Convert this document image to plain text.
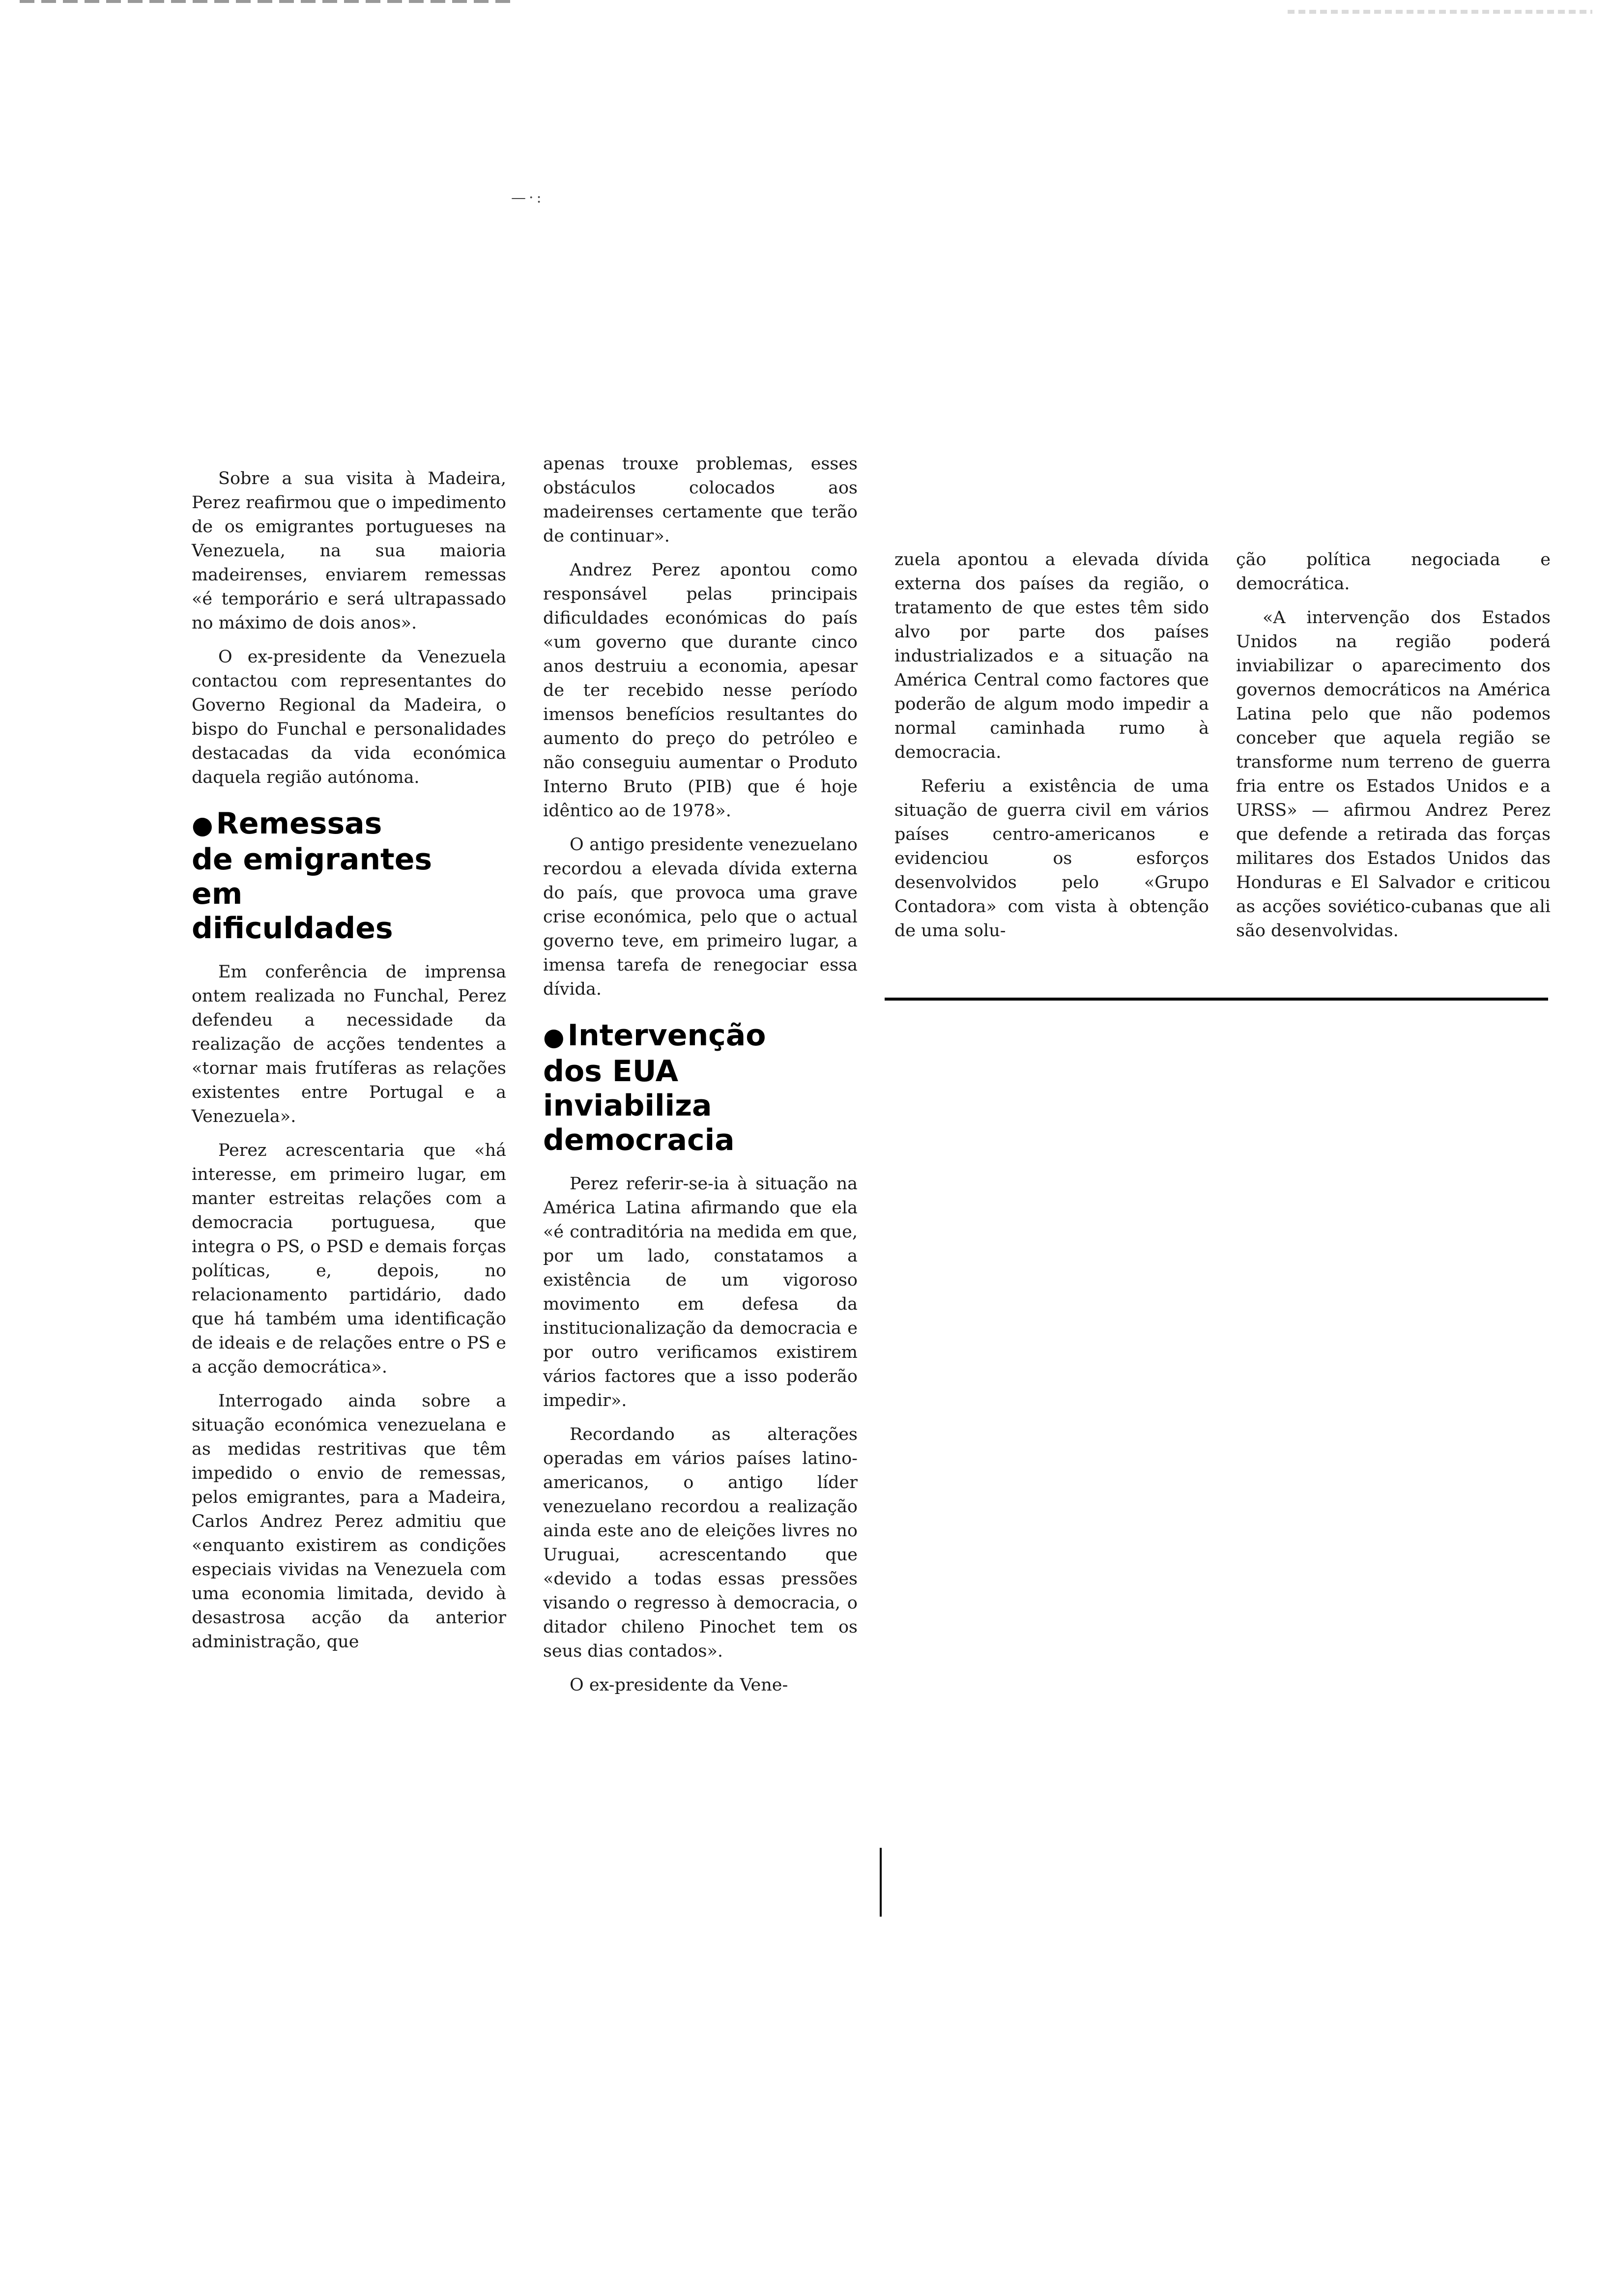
—·:

Sobre a sua visita à Madeira, Perez reafirmou que o impedimento de os emigrantes portugueses na Venezuela, na sua maioria madeirenses, enviarem remessas «é temporário e será ultrapassado no máximo de dois anos».

O ex-presidente da Venezuela contactou com representantes do Governo Regional da Madeira, o bispo do Funchal e personalidades destacadas da vida económica daquela região autónoma.

● Remessas
de emigrantes
em
dificuldades

Em conferência de imprensa ontem realizada no Funchal, Perez defendeu a necessidade da realização de acções tendentes a «tornar mais frutíferas as relações existentes entre Portugal e a Venezuela».

Perez acrescentaria que «há interesse, em primeiro lugar, em manter estreitas relações com a democracia portuguesa, que integra o PS, o PSD e demais forças políticas, e, depois, no relacionamento partidário, dado que há também uma identificação de ideais e de relações entre o PS e a acção democrática».

Interrogado ainda sobre a situação económica venezuelana e as medidas restritivas que têm impedido o envio de remessas, pelos emigrantes, para a Madeira, Carlos Andrez Perez admitiu que «enquanto existirem as condições especiais vividas na Venezuela com uma economia limitada, devido à desastrosa acção da anterior administração, que

apenas trouxe problemas, esses obstáculos colocados aos madeirenses certamente que terão de continuar».

Andrez Perez apontou como responsável pelas principais dificuldades económicas do país «um governo que durante cinco anos destruiu a economia, apesar de ter recebido nesse período imensos benefícios resultantes do aumento do preço do petróleo e não conseguiu aumentar o Produto Interno Bruto (PIB) que é hoje idêntico ao de 1978».

O antigo presidente venezuelano recordou a elevada dívida externa do país, que provoca uma grave crise económica, pelo que o actual governo teve, em primeiro lugar, a imensa tarefa de renegociar essa dívida.

● Intervenção
dos EUA
inviabiliza
democracia

Perez referir-se-ia à situação na América Latina afirmando que ela «é contraditória na medida em que, por um lado, constatamos a existência de um vigoroso movimento em defesa da institucionalização da democracia e por outro verificamos existirem vários factores que a isso poderão impedir».

Recordando as alterações operadas em vários países latino-americanos, o antigo líder venezuelano recordou a realização ainda este ano de eleições livres no Uruguai, acrescentando que «devido a todas essas pressões visando o regresso à democracia, o ditador chileno Pinochet tem os seus dias contados».

O ex-presidente da Vene-

zuela apontou a elevada dívida externa dos países da região, o tratamento de que estes têm sido alvo por parte dos países industrializados e a situação na América Central como factores que poderão de algum modo impedir a normal caminhada rumo à democracia.

Referiu a existência de uma situação de guerra civil em vários países centro-americanos e evidenciou os esforços desenvolvidos pelo «Grupo Contadora» com vista à obtenção de uma solu-

ção política negociada e democrática.

«A intervenção dos Estados Unidos na região poderá inviabilizar o aparecimento dos governos democráticos na América Latina pelo que não podemos conceber que aquela região se transforme num terreno de guerra fria entre os Estados Unidos e a URSS» — afirmou Andrez Perez que defende a retirada das forças militares dos Estados Unidos das Honduras e El Salvador e criticou as acções soviético-cubanas que ali são desenvolvidas.
